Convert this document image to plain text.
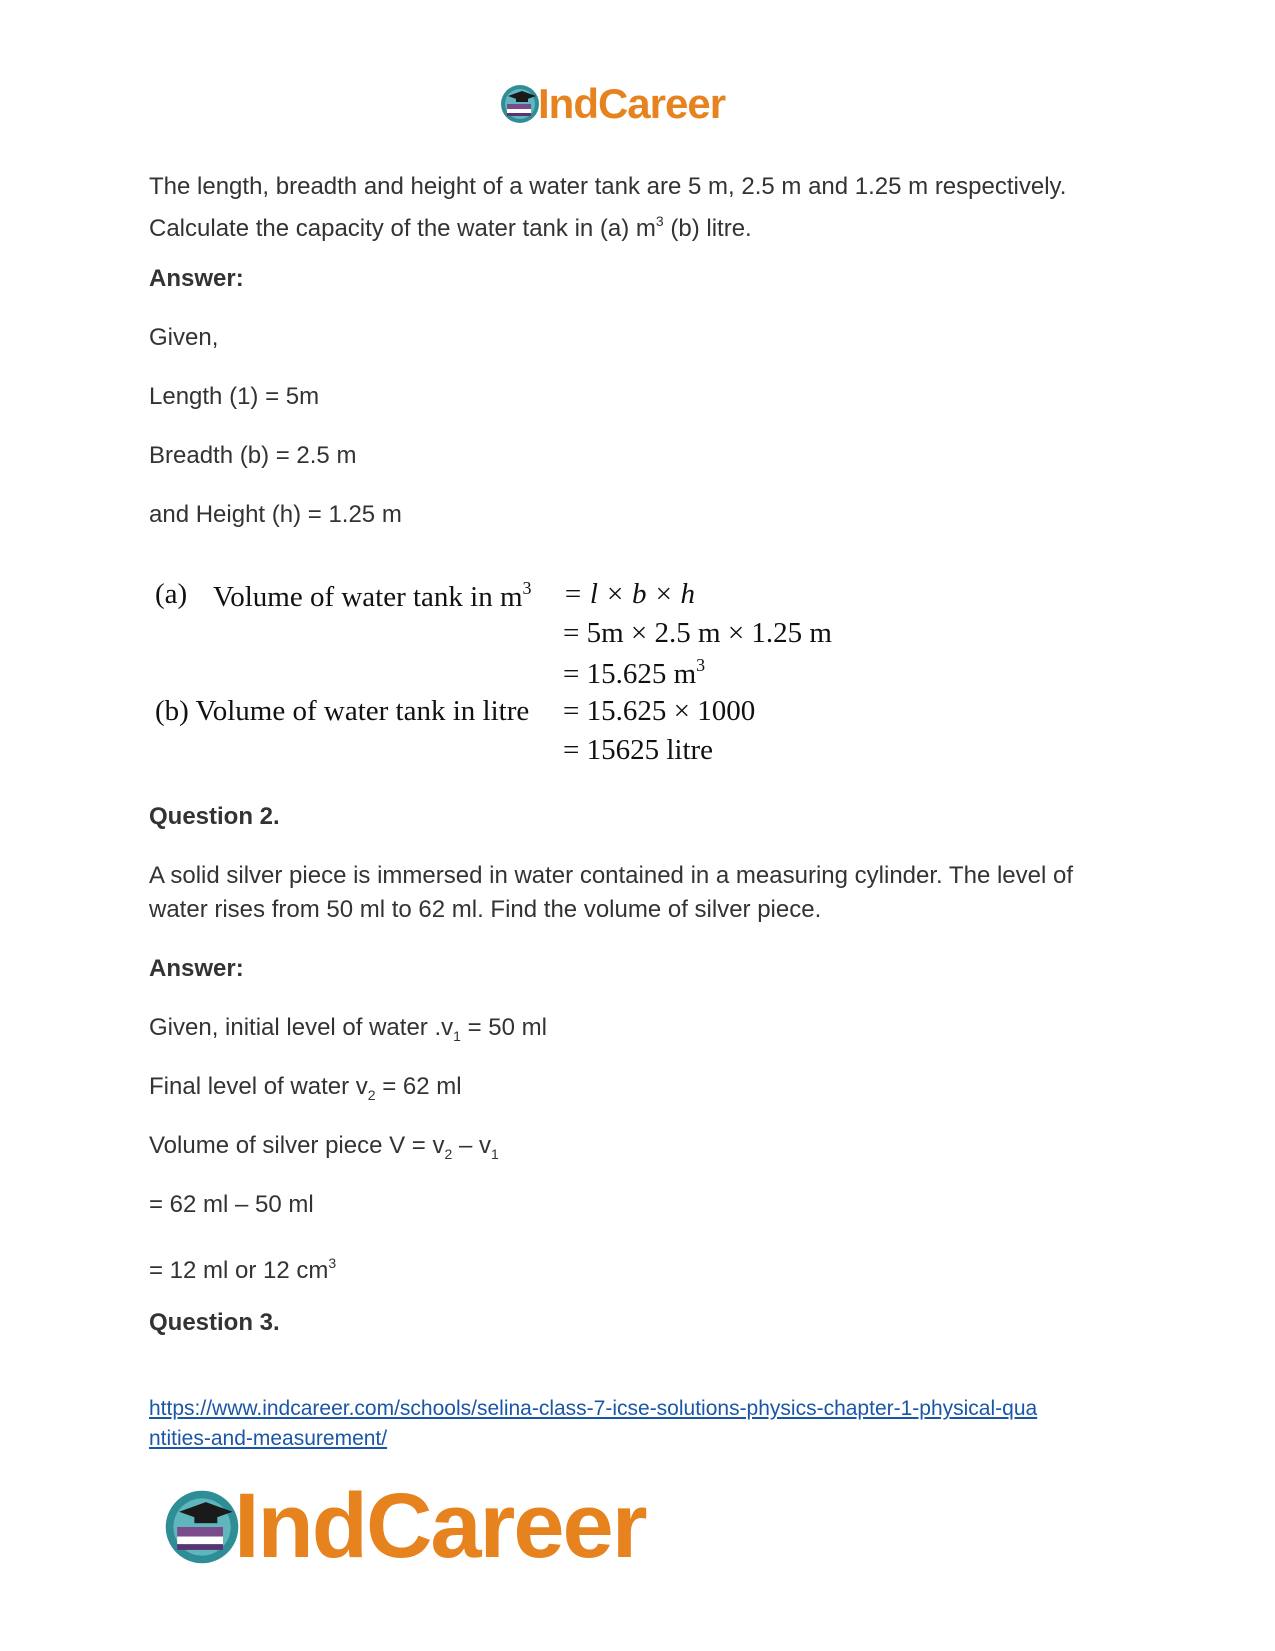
IndCareer
The length, breadth and height of a water tank are 5 m, 2.5 m and 1.25 m respectively.
Calculate the capacity of the water tank in (a) $m^3$ (b) litre.
Answer:
Given,
Length (1) = 5m
Breadth (b) = 2.5 m
and Height (h) = 1.25 m
(a) Volume of water tank in $m^3 = l \times b \times h$
= 5m × 2.5 m × 1.25 m
= 15.625 $m^3$
(b) Volume of water tank in litre = 15.625 × 1000
= 15625 litre
Question 2.
A solid silver piece is immersed in water contained in a measuring cylinder. The level of
water rises from 50 ml to 62 ml. Find the volume of silver piece.
Answer:
Given, initial level of water $.v_1 = 50$ ml
Final level of water $v_2 = 62$ ml
Volume of silver piece $V = v_2 - v_1$
= 62 ml – 50 ml
= 12 ml or 12 $cm^3$
Question 3.
https://www.indcareer.com/schools/selina-class-7-icse-solutions-physics-chapter-1-physical-qua
ntities-and-measurement/
IndCareer
